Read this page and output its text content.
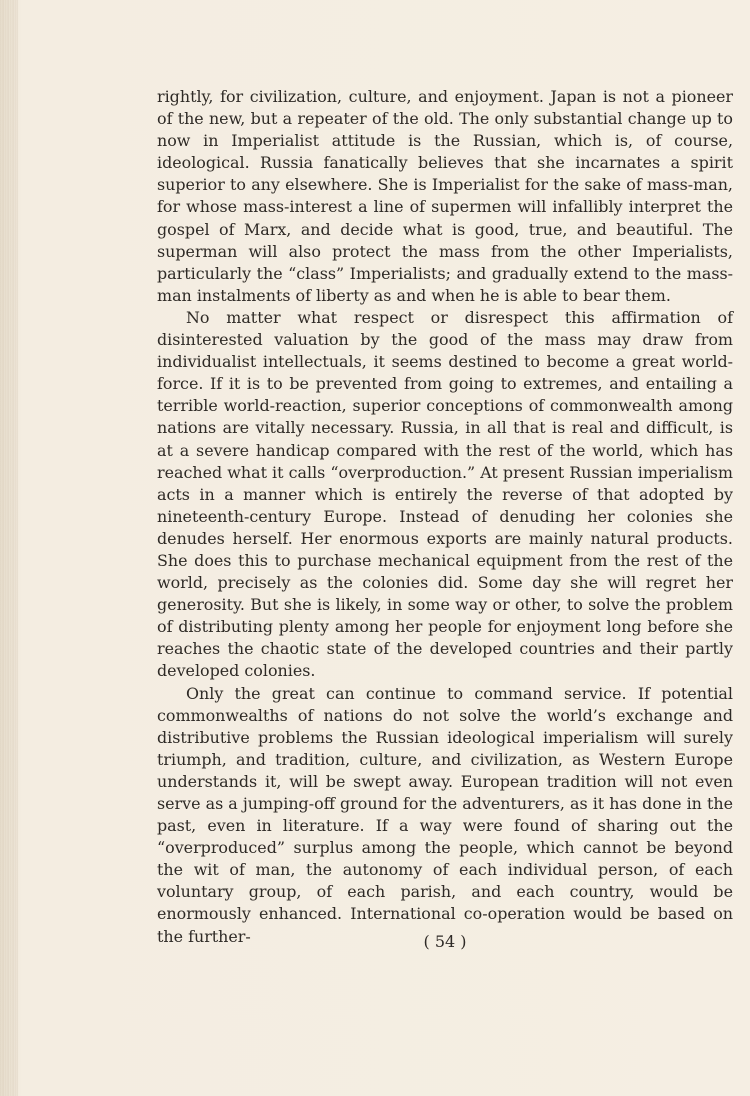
rightly, for civilization, culture, and enjoyment. Japan is not a pioneer of the new, but a repeater of the old. The only substantial change up to now in Imperialist attitude is the Russian, which is, of course, ideological. Russia fanatically believes that she incarnates a spirit superior to any elsewhere. She is Imperialist for the sake of mass-man, for whose mass-interest a line of supermen will infallibly interpret the gospel of Marx, and decide what is good, true, and beautiful. The superman will also protect the mass from the other Imperialists, particularly the “class” Imperialists; and gradually extend to the mass-man instalments of liberty as and when he is able to bear them.

No matter what respect or disrespect this affirmation of disinterested valuation by the good of the mass may draw from individualist intellectuals, it seems destined to become a great world-force. If it is to be prevented from going to extremes, and entailing a terrible world-reaction, superior conceptions of commonwealth among nations are vitally necessary. Russia, in all that is real and difficult, is at a severe handicap compared with the rest of the world, which has reached what it calls “overproduction.” At present Russian imperialism acts in a manner which is entirely the reverse of that adopted by nineteenth-century Europe. Instead of denuding her colonies she denudes herself. Her enormous exports are mainly natural products. She does this to purchase mechanical equipment from the rest of the world, precisely as the colonies did. Some day she will regret her generosity. But she is likely, in some way or other, to solve the problem of distributing plenty among her people for enjoyment long before she reaches the chaotic state of the developed countries and their partly developed colonies.

Only the great can continue to command service. If potential commonwealths of nations do not solve the world’s exchange and distributive problems the Russian ideological imperialism will surely triumph, and tradition, culture, and civilization, as Western Europe understands it, will be swept away. European tradition will not even serve as a jumping-off ground for the adventurers, as it has done in the past, even in literature. If a way were found of sharing out the “overproduced” surplus among the people, which cannot be beyond the wit of man, the autonomy of each individual person, of each voluntary group, of each parish, and each country, would be enormously enhanced. International co-operation would be based on the further-	( 54 )
